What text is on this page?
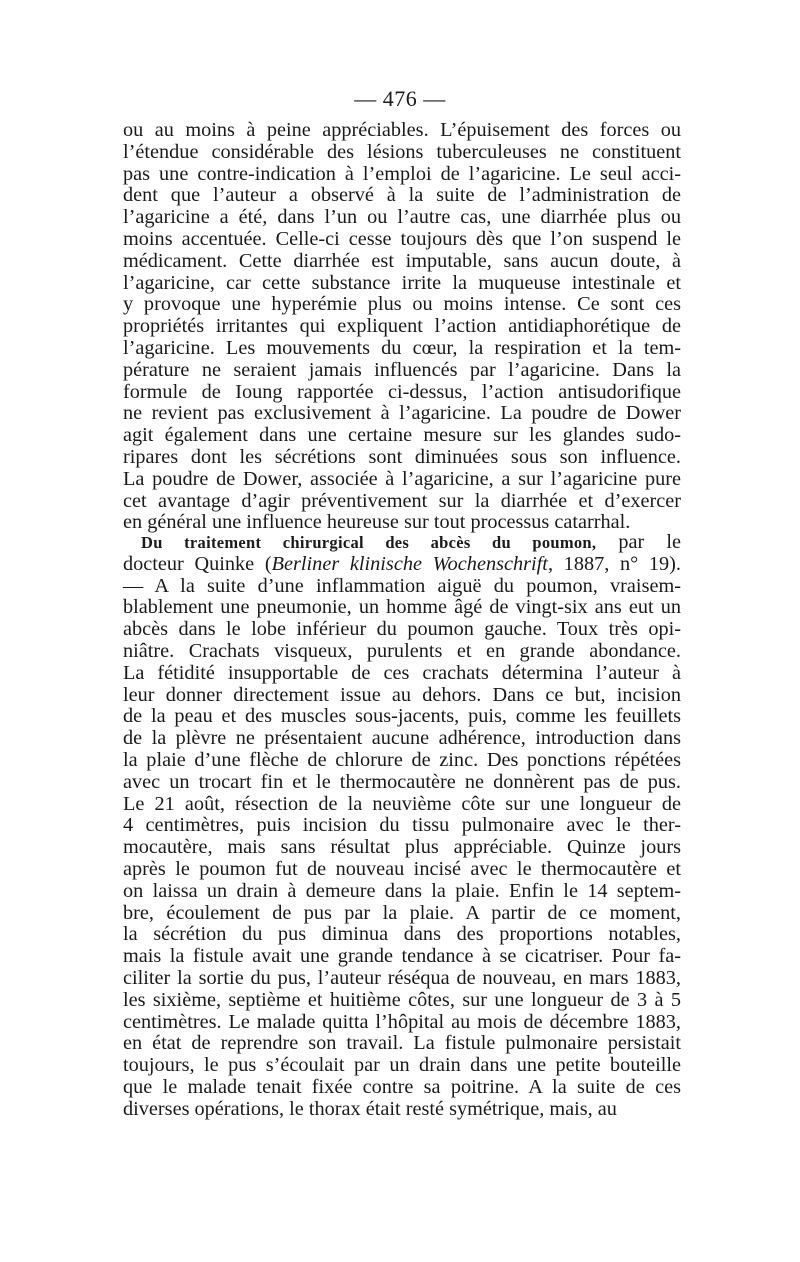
— 476 —
ou au moins à peine appréciables. L’épuisement des forces ou
l’étendue considérable des lésions tuberculeuses ne constituent
pas une contre-indication à l’emploi de l’agaricine. Le seul acci-
dent que l’auteur a observé à la suite de l’administration de
l’agaricine a été, dans l’un ou l’autre cas, une diarrhée plus ou
moins accentuée. Celle-ci cesse toujours dès que l’on suspend le
médicament. Cette diarrhée est imputable, sans aucun doute, à
l’agaricine, car cette substance irrite la muqueuse intestinale et
y provoque une hyperémie plus ou moins intense. Ce sont ces
propriétés irritantes qui expliquent l’action antidiaphorétique de
l’agaricine. Les mouvements du cœur, la respiration et la tem-
pérature ne seraient jamais influencés par l’agaricine. Dans la
formule de Ioung rapportée ci-dessus, l’action antisudorifique
ne revient pas exclusivement à l’agaricine. La poudre de Dower
agit également dans une certaine mesure sur les glandes sudo-
ripares dont les sécrétions sont diminuées sous son influence.
La poudre de Dower, associée à l’agaricine, a sur l’agaricine pure
cet avantage d’agir préventivement sur la diarrhée et d’exercer
en général une influence heureuse sur tout processus catarrhal.
Du traitement chirurgical des abcès du poumon, par le
docteur Quinke (Berliner klinische Wochenschrift, 1887, n° 19).
— A la suite d’une inflammation aiguë du poumon, vraisem-
blablement une pneumonie, un homme âgé de vingt-six ans eut un
abcès dans le lobe inférieur du poumon gauche. Toux très opi-
niâtre. Crachats visqueux, purulents et en grande abondance.
La fétidité insupportable de ces crachats détermina l’auteur à
leur donner directement issue au dehors. Dans ce but, incision
de la peau et des muscles sous-jacents, puis, comme les feuillets
de la plèvre ne présentaient aucune adhérence, introduction dans
la plaie d’une flèche de chlorure de zinc. Des ponctions répétées
avec un trocart fin et le thermocautère ne donnèrent pas de pus.
Le 21 août, résection de la neuvième côte sur une longueur de
4 centimètres, puis incision du tissu pulmonaire avec le ther-
mocautère, mais sans résultat plus appréciable. Quinze jours
après le poumon fut de nouveau incisé avec le thermocautère et
on laissa un drain à demeure dans la plaie. Enfin le 14 septem-
bre, écoulement de pus par la plaie. A partir de ce moment,
la sécrétion du pus diminua dans des proportions notables,
mais la fistule avait une grande tendance à se cicatriser. Pour fa-
ciliter la sortie du pus, l’auteur réséqua de nouveau, en mars 1883,
les sixième, septième et huitième côtes, sur une longueur de 3 à 5
centimètres. Le malade quitta l’hôpital au mois de décembre 1883,
en état de reprendre son travail. La fistule pulmonaire persistait
toujours, le pus s’écoulait par un drain dans une petite bouteille
que le malade tenait fixée contre sa poitrine. A la suite de ces
diverses opérations, le thorax était resté symétrique, mais, au
